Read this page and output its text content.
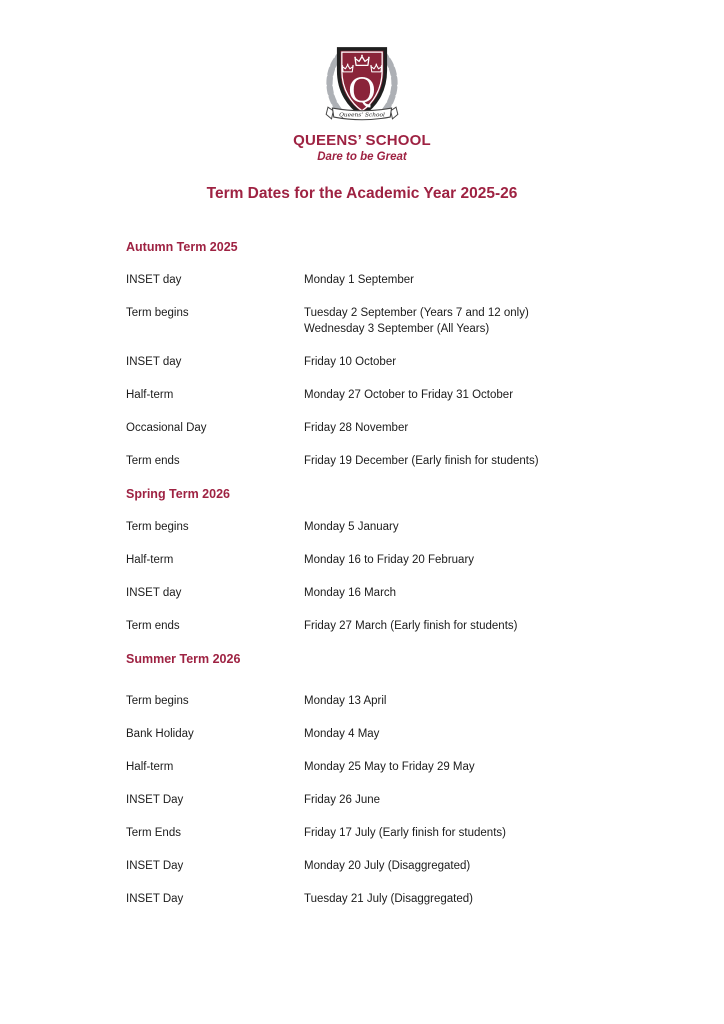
Q
Queens’ School
QUEENS’ SCHOOL
Dare to be Great
Term Dates for the Academic Year 2025-26
Autumn Term 2025
INSET day	Monday 1 September
Term begins	Tuesday 2 September (Years 7 and 12 only)
Wednesday 3 September (All Years)
INSET day	Friday 10 October
Half-term	Monday 27 October to Friday 31 October
Occasional Day	Friday 28 November
Term ends	Friday 19 December (Early finish for students)
Spring Term 2026
Term begins	Monday 5 January
Half-term	Monday 16 to Friday 20 February
INSET day	Monday 16 March
Term ends	Friday 27 March (Early finish for students)
Summer Term 2026
Term begins	Monday 13 April
Bank Holiday	Monday 4 May
Half-term	Monday 25 May to Friday 29 May
INSET Day	Friday 26 June
Term Ends	Friday 17 July (Early finish for students)
INSET Day	Monday 20 July (Disaggregated)
INSET Day	Tuesday 21 July (Disaggregated)
